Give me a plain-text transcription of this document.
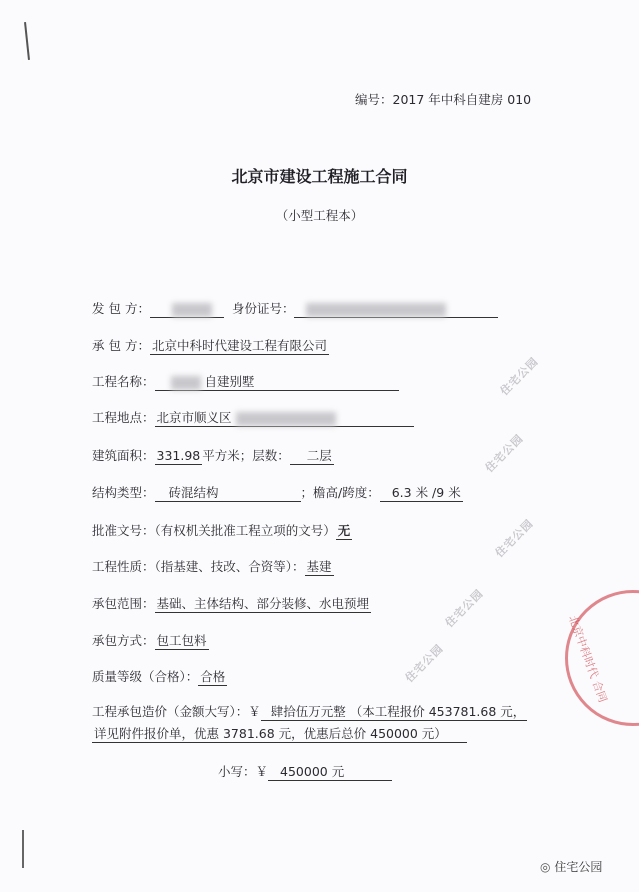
编号：2017 年中科自建房 010
北京市建设工程施工合同
（小型工程本）
发 包 方：	身份证号：
承 包 方： 北京中科时代建设工程有限公司
工程名称：	自建别墅
工程地点： 北京市顺义区
建筑面积： 331.98 平方米；层数： 二层
结构类型： 砖混结构	；檐高/跨度： 6.3 米 /9 米
批准文号：（有权机关批准工程立项的文号） 无
工程性质：（指基建、技改、合资等）： 基建
承包范围： 基础、主体结构、部分装修、水电预埋
承包方式： 包工包料
质量等级（合格）： 合格
工程承包造价（金额大写）：￥ 肆拾伍万元整 （本工程报价 453781.68 元，
详见附件报价单，优惠 3781.68 元，优惠后总价 450000 元）
小写：￥ 450000 元
住宅公园
住宅公园
住宅公园
住宅公园
住宅公园	北京中科时代 合同
◎ 住宅公园
